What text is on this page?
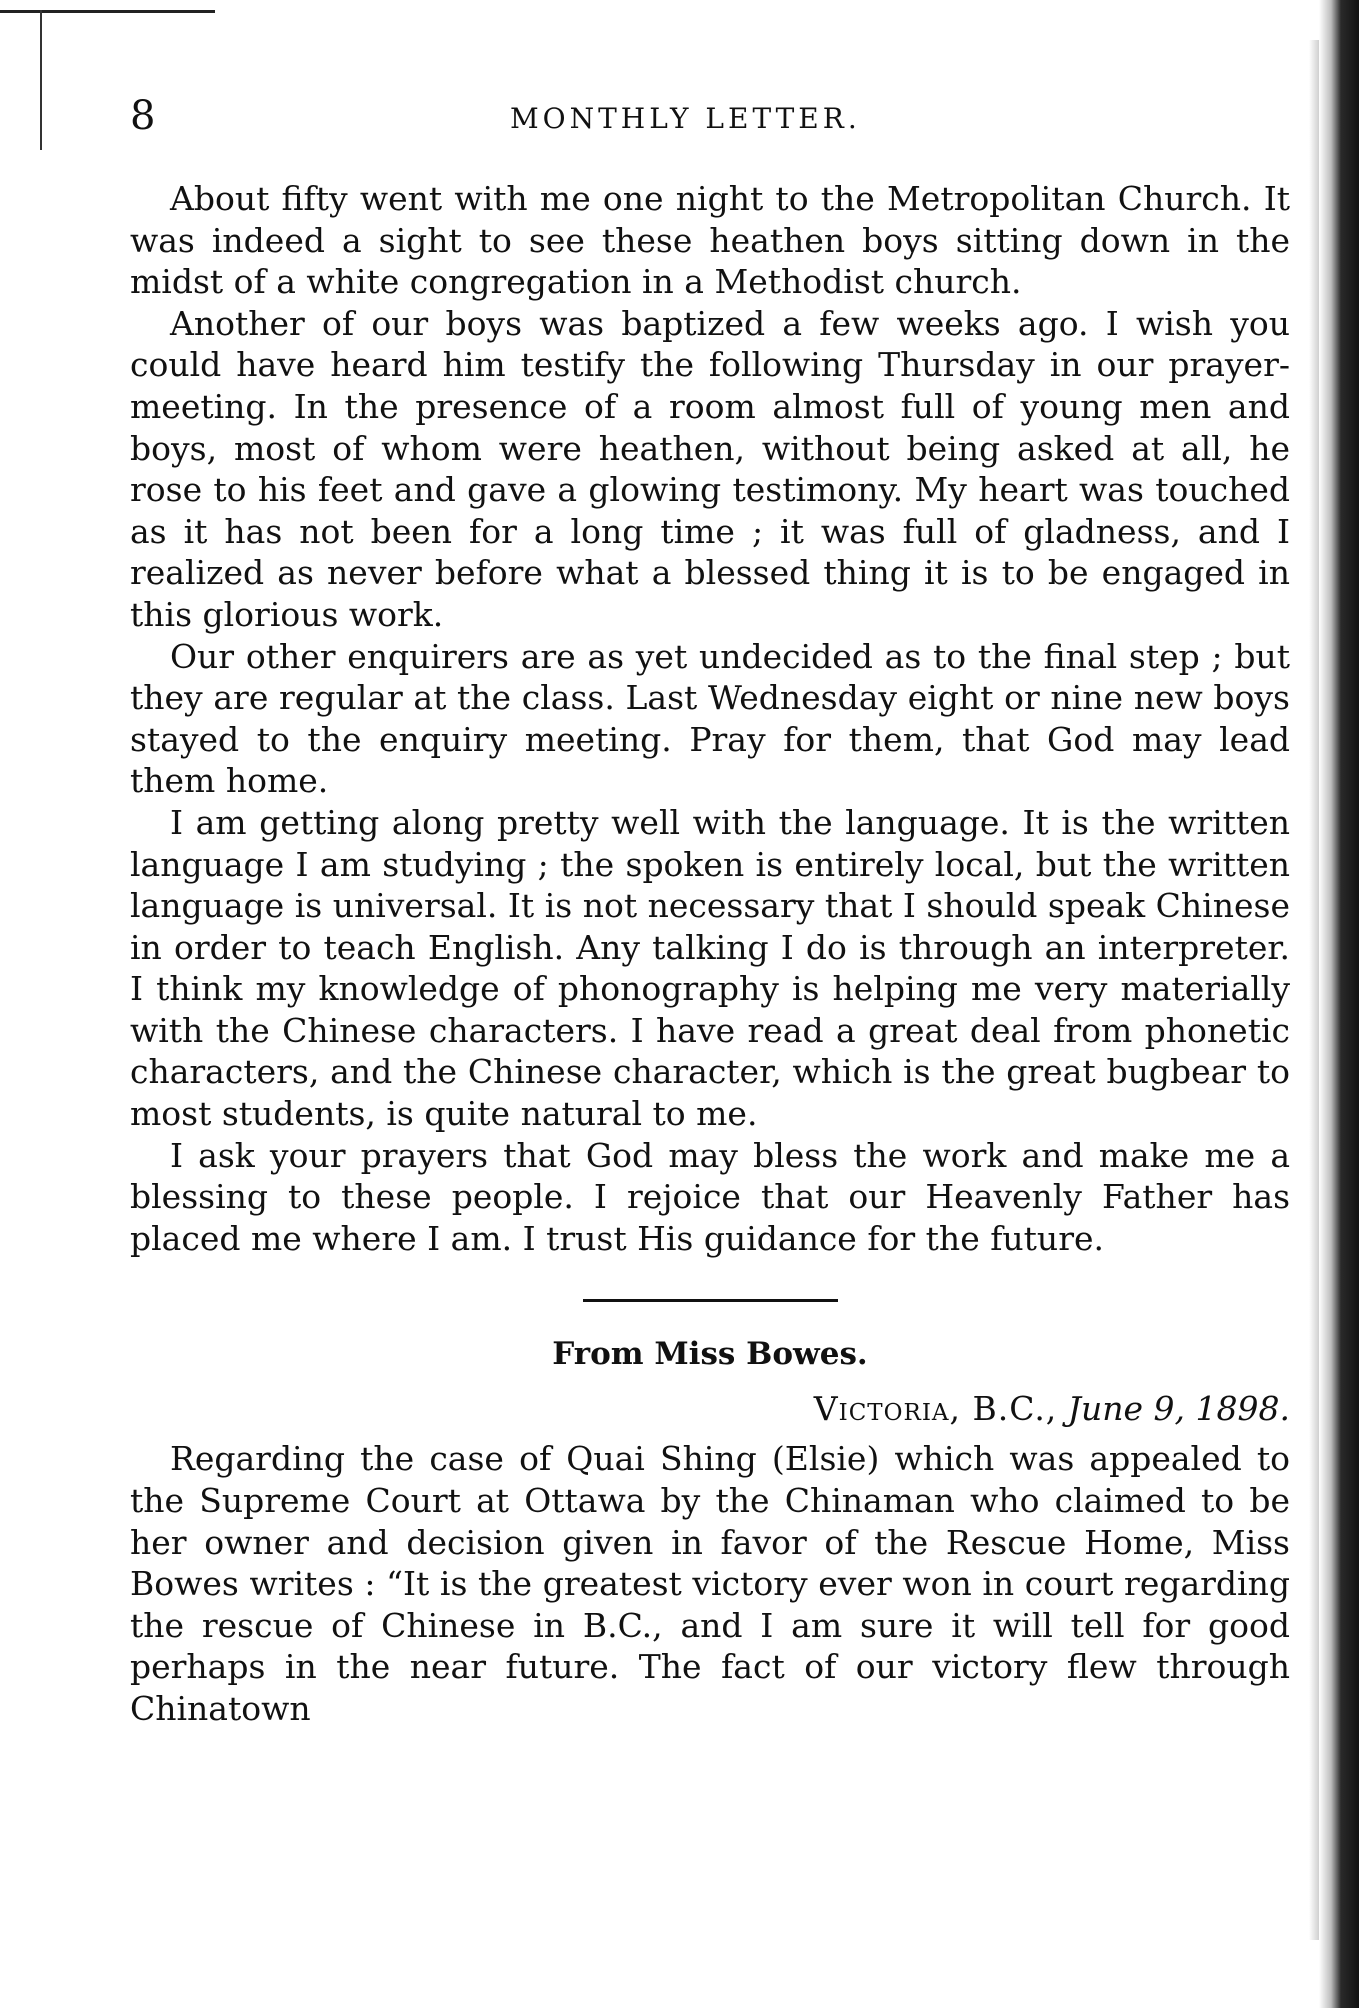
8	MONTHLY LETTER.

About fifty went with me one night to the Metropolitan Church. It was indeed a sight to see these heathen boys sitting down in the midst of a white congregation in a Methodist church.

Another of our boys was baptized a few weeks ago. I wish you could have heard him testify the following Thursday in our prayer-meeting. In the presence of a room almost full of young men and boys, most of whom were heathen, without being asked at all, he rose to his feet and gave a glowing testimony. My heart was touched as it has not been for a long time ; it was full of gladness, and I realized as never before what a blessed thing it is to be engaged in this glorious work.

Our other enquirers are as yet undecided as to the final step ; but they are regular at the class. Last Wednesday eight or nine new boys stayed to the enquiry meeting. Pray for them, that God may lead them home.

I am getting along pretty well with the language. It is the written language I am studying ; the spoken is entirely local, but the written language is universal. It is not necessary that I should speak Chinese in order to teach English. Any talking I do is through an interpreter. I think my knowledge of phonography is helping me very materially with the Chinese characters. I have read a great deal from phonetic characters, and the Chinese character, which is the great bugbear to most students, is quite natural to me.

I ask your prayers that God may bless the work and make me a blessing to these people. I rejoice that our Heavenly Father has placed me where I am. I trust His guidance for the future.

From Miss Bowes.

Victoria, B.C., June 9, 1898.

Regarding the case of Quai Shing (Elsie) which was appealed to the Supreme Court at Ottawa by the Chinaman who claimed to be her owner and decision given in favor of the Rescue Home, Miss Bowes writes : “It is the greatest victory ever won in court regarding the rescue of Chinese in B.C., and I am sure it will tell for good perhaps in the near future. The fact of our victory flew through Chinatown
